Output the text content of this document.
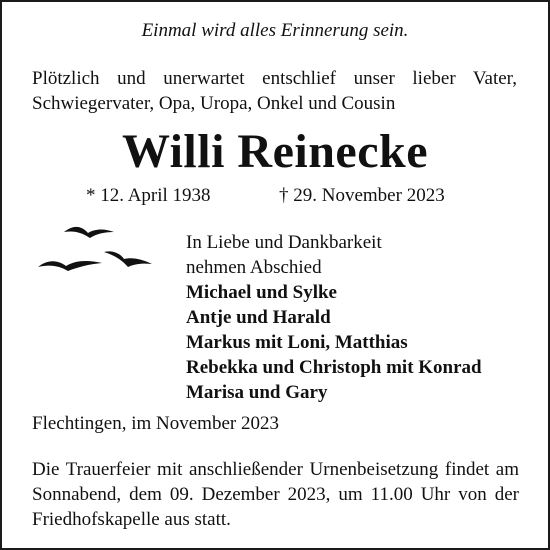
Einmal wird alles Erinnerung sein.
Plötzlich und unerwartet entschlief unser lieber Vater, Schwiegervater, Opa, Uropa, Onkel und Cousin
Willi Reinecke
* 12. April 1938	† 29. November 2023
In Liebe und Dankbarkeit
nehmen Abschied
Michael und Sylke
Antje und Harald
Markus mit Loni, Matthias
Rebekka und Christoph mit Konrad
Marisa und Gary
Flechtingen, im November 2023
Die Trauerfeier mit anschließender Urnenbeisetzung findet am Sonnabend, dem 09. Dezember 2023, um 11.00 Uhr von der Friedhofskapelle aus statt.
